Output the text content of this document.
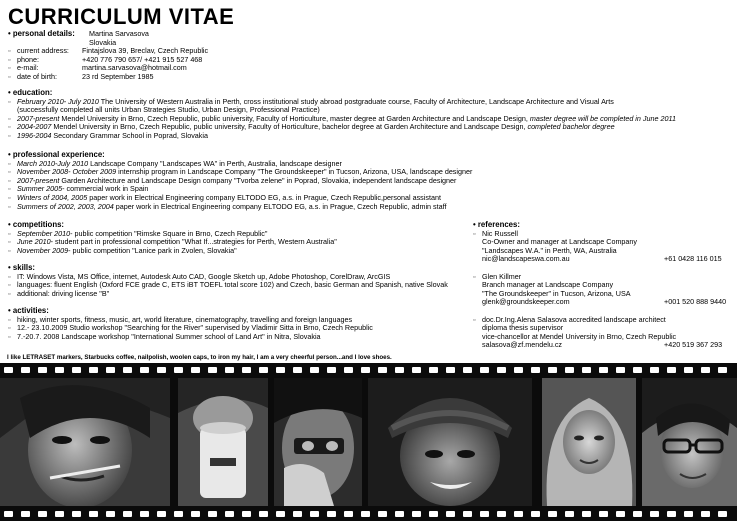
CURRICULUM VITAE
• personal details: Martina Sarvasova
Slovakia

▫ current address: Fintajslova 39, Breclav, Czech Republic
▫ phone:	+420 776 790 657/ +421 915 527 468
▫ e-mail:	martina.sarvasova@hotmail.com
▫ date of birth:	23 rd September 1985
• education:
▫ February 2010- July 2010 The University of Western Australia in Perth, cross institutional study abroad postgraduate course, Faculty of Architecture, Landscape Architecture and Visual Arts
(successfully completed all units Urban Strategies Studio, Urban Design, Professional Practice)
▫ 2007-present Mendel University in Brno, Czech Republic, public university, Faculty of Horticulture, master degree at Garden Architecture and Landscape Design, master degree will be completed in June 2011
▫ 2004-2007 Mendel University in Brno, Czech Republic, public university, Faculty of Horticulture, bachelor degree at Garden Architecture and Landscape Design, completed bachelor degree
▫ 1996-2004 Secondary Grammar School in Poprad, Slovakia
• professional experience:
▫ March 2010-July 2010 Landscape Company "Landscapes WA" in Perth, Australia, landscape designer
▫ November 2008- October 2009 internship program in Landscape Company "The Groundskeeper" in Tucson, Arizona, USA, landscape designer
▫ 2007-present Garden Architecture and Landscape Design company "Tvorba zelene" in Poprad, Slovakia, independent landscape designer
▫ Summer 2005- commercial work in Spain
▫ Winters of 2004, 2005 paper work in Electrical Engineering company ELTODO EG, a.s. in Prague, Czech Republic,personal assistant
▫ Summers of 2002, 2003, 2004 paper work in Electrical Engineering company ELTODO EG, a.s. in Prague, Czech Republic, admin staff
• competitions:
▫ September 2010- public competition "Rimske Square in Brno, Czech Republic"
▫ June 2010- student part in professional competition "What If...strategies for Perth, Western Australia"
▫ November 2009- public competition "Lanice park in Zvolen, Slovakia"
• skills:
▫ IT: Windows Vista, MS Office, internet, Autodesk Auto CAD, Google Sketch up, Adobe Photoshop, CorelDraw, ArcGIS
▫ languages: fluent English (Oxford FCE grade C, ETS iBT TOEFL total score 102) and Czech, basic German and Spanish, native Slovak
▫ additional: driving license "B"
• activities:
▫ hiking, winter sports, fitness, music, art, world literature, cinematography, travelling and foreign languages
▫ 12.- 23.10.2009 Studio workshop "Searching for the River" supervised by Vladimir Sitta in Brno, Czech Republic
▫ 7.-20.7. 2008 Landscape workshop "International Summer school of Land Art" in Nitra, Slovakia
• references:
▫ Nic Russell
Co-Owner and manager at Landscape Company
"Landscapes W.A." in Perth, WA, Australia
nic@landscapeswa.com.au	+61 0428 116 015

▫ Glen Killmer
Branch manager at Landscape Company
"The Groundskeeper" in Tucson, Arizona, USA
glenk@groundskeeper.com	+001 520 888 9440

▫ doc.Dr.Ing.Alena Salasova accredited landscape architect
diploma thesis supervisor
vice-chancellor at Mendel University in Brno, Czech Republic
salasova@zf.mendelu.cz	+420 519 367 293
I like LETRASET markers, Starbucks coffee, nailpolish, woolen caps, to iron my hair, I am a very cheerful person...and I love shoes.
